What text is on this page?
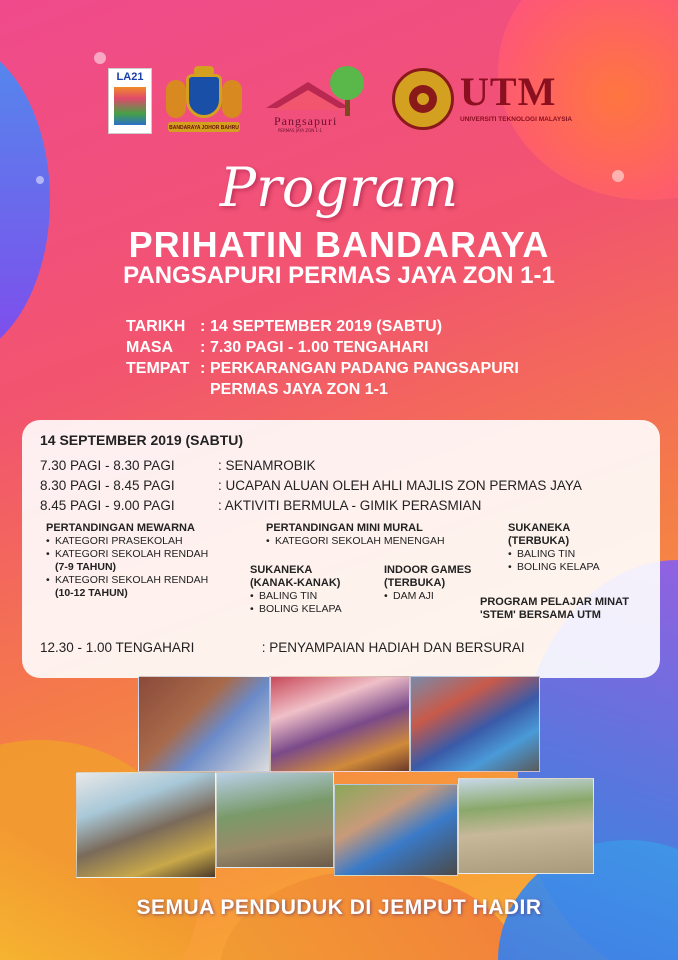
LA21
BANDARAYA JOHOR BAHRU	Pangsapuri
PERMAS JAYA ZON 1-1
UTM
UNIVERSITI TEKNOLOGI MALAYSIA
Program
PRIHATIN BANDARAYA
PANGSAPURI PERMAS JAYA ZON 1-1
TARIKH : 14 SEPTEMBER 2019 (SABTU)
MASA	: 7.30 PAGI - 1.00 TENGAHARI
TEMPAT : PERKARANGAN PADANG PANGSAPURI
PERMAS JAYA ZON 1-1
14 SEPTEMBER 2019 (SABTU)
7.30 PAGI - 8.30 PAGI	: SENAMROBIK
8.30 PAGI - 8.45 PAGI	: UCAPAN ALUAN OLEH AHLI MAJLIS ZON PERMAS JAYA
8.45 PAGI - 9.00 PAGI	: AKTIVITI BERMULA - GIMIK PERASMIAN
PERTANDINGAN MEWARNA
• KATEGORI PRASEKOLAH
• KATEGORI SEKOLAH RENDAH
(7-9 TAHUN)
• KATEGORI SEKOLAH RENDAH
(10-12 TAHUN)
PERTANDINGAN MINI MURAL
• KATEGORI SEKOLAH MENENGAH
SUKANEKA
(KANAK-KANAK)
• BALING TIN
• BOLING KELAPA
INDOOR GAMES
(TERBUKA)
• DAM AJI
SUKANEKA
(TERBUKA)
• BALING TIN
• BOLING KELAPA
PROGRAM PELAJAR MINAT
'STEM' BERSAMA UTM
12.30 - 1.00 TENGAHARI	: PENYAMPAIAN HADIAH DAN BERSURAI
SEMUA PENDUDUK DI JEMPUT HADIR
